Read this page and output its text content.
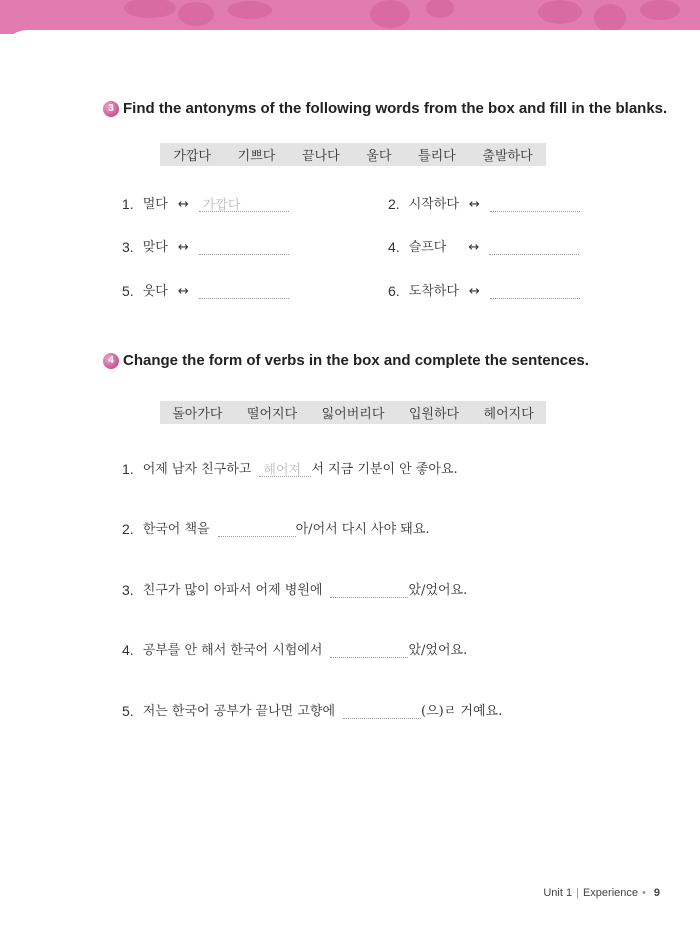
3 Find the antonyms of the following words from the box and fill in the blanks.
가깝다 기쁘다 끝나다 울다 틀리다 출발하다
1. 멀다 ↔	가깝다	2. 시작하다 ↔
3. 맞다 ↔	4. 슬프다 ↔
5. 웃다 ↔	6. 도착하다 ↔
4 Change the form of verbs in the box and complete the sentences.
돌아가다 떨어지다 잃어버리다 입원하다 헤어지다
1. 어제 남자 친구하고 헤어져 서 지금 기분이 안 좋아요.
2. 한국어 책을	아/어서 다시 사야 돼요.
3. 친구가 많이 아파서 어제 병원에	았/었어요.
4. 공부를 안 해서 한국어 시험에서	았/었어요.
5. 저는 한국어 공부가 끝나면 고향에	(으)ㄹ 거예요.
Unit 1 | Experience • 9
